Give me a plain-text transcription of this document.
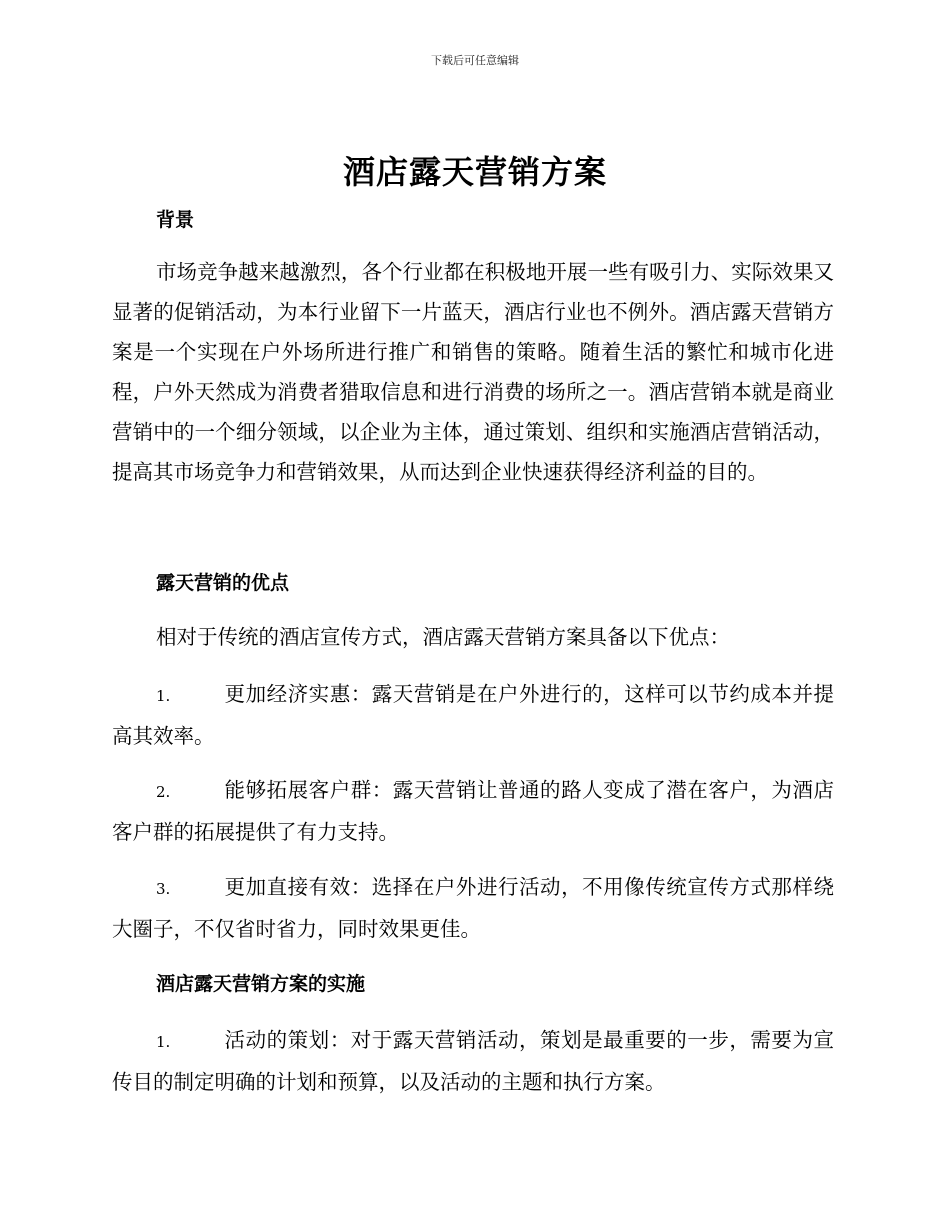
下载后可任意编辑
酒店露天营销方案
背景
市场竞争越来越激烈，各个行业都在积极地开展一些有吸引力、实际效果又显著的促销活动，为本行业留下一片蓝天，酒店行业也不例外。酒店露天营销方案是一个实现在户外场所进行推广和销售的策略。随着生活的繁忙和城市化进程，户外天然成为消费者猎取信息和进行消费的场所之一。酒店营销本就是商业营销中的一个细分领域，以企业为主体，通过策划、组织和实施酒店营销活动，提高其市场竞争力和营销效果，从而达到企业快速获得经济利益的目的。
露天营销的优点
相对于传统的酒店宣传方式，酒店露天营销方案具备以下优点：
1.	更加经济实惠：露天营销是在户外进行的，这样可以节约成本并提高其效率。
2.	能够拓展客户群：露天营销让普通的路人变成了潜在客户，为酒店客户群的拓展提供了有力支持。
3.	更加直接有效：选择在户外进行活动，不用像传统宣传方式那样绕大圈子，不仅省时省力，同时效果更佳。
酒店露天营销方案的实施
1.	活动的策划：对于露天营销活动，策划是最重要的一步，需要为宣传目的制定明确的计划和预算，以及活动的主题和执行方案。
